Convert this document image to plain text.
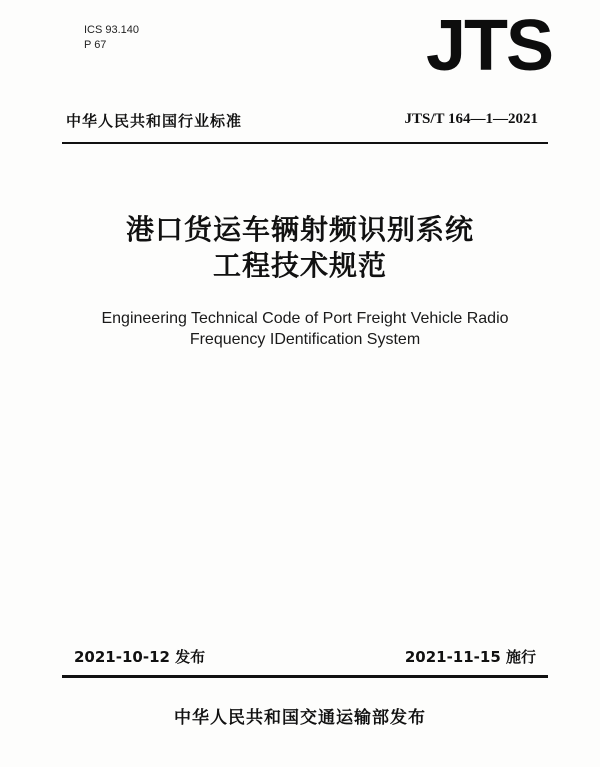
ICS 93.140
P 67	JTS
中华人民共和国行业标准	JTS/T 164—1—2021
港口货运车辆射频识别系统
工程技术规范
Engineering Technical Code of Port Freight Vehicle Radio
Frequency IDentification System
2021-10-12 发布	2021-11-15 施行
中华人民共和国交通运输部发布
